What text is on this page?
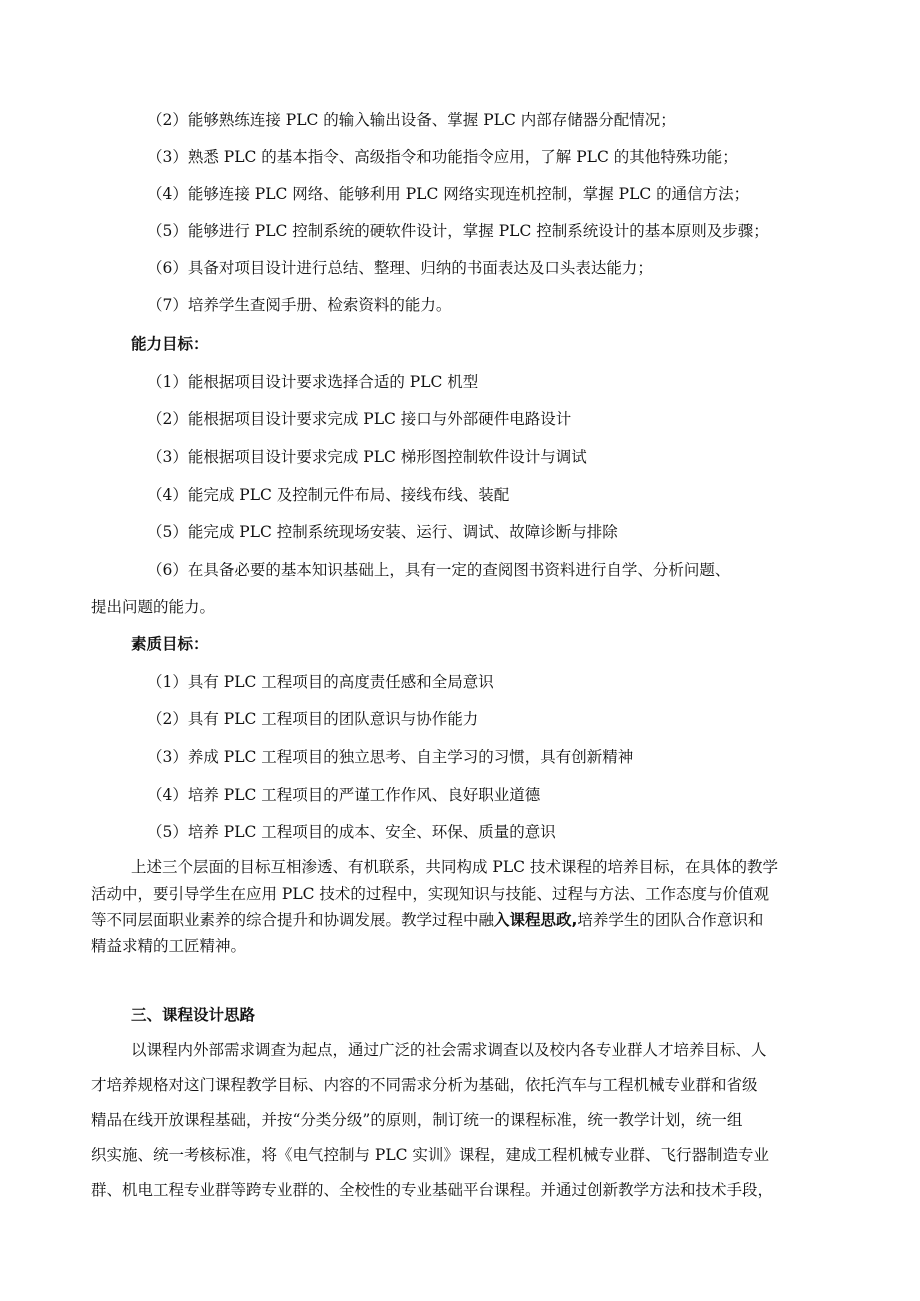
（2）能够熟练连接 PLC 的输入输出设备、掌握 PLC 内部存储器分配情况；

（3）熟悉 PLC 的基本指令、高级指令和功能指令应用，了解 PLC 的其他特殊功能；

（4）能够连接 PLC 网络、能够利用 PLC 网络实现连机控制，掌握 PLC 的通信方法；

（5）能够进行 PLC 控制系统的硬软件设计，掌握 PLC 控制系统设计的基本原则及步骤；

（6）具备对项目设计进行总结、整理、归纳的书面表达及口头表达能力；

（7）培养学生查阅手册、检索资料的能力。

能力目标：

（1）能根据项目设计要求选择合适的 PLC 机型

（2）能根据项目设计要求完成 PLC 接口与外部硬件电路设计

（3）能根据项目设计要求完成 PLC 梯形图控制软件设计与调试

（4）能完成 PLC 及控制元件布局、接线布线、装配

（5）能完成 PLC 控制系统现场安装、运行、调试、故障诊断与排除

（6）在具备必要的基本知识基础上，具有一定的查阅图书资料进行自学、分析问题、

提出问题的能力。

素质目标：

（1）具有 PLC 工程项目的高度责任感和全局意识

（2）具有 PLC 工程项目的团队意识与协作能力

（3）养成 PLC 工程项目的独立思考、自主学习的习惯，具有创新精神

（4）培养 PLC 工程项目的严谨工作作风、良好职业道德

（5）培养 PLC 工程项目的成本、安全、环保、质量的意识

上述三个层面的目标互相渗透、有机联系，共同构成 PLC 技术课程的培养目标，在具体的教学

活动中，要引导学生在应用 PLC 技术的过程中，实现知识与技能、过程与方法、工作态度与价值观

等不同层面职业素养的综合提升和协调发展。教学过程中融入课程思政,培养学生的团队合作意识和

精益求精的工匠精神。

三、课程设计思路

以课程内外部需求调查为起点，通过广泛的社会需求调查以及校内各专业群人才培养目标、人

才培养规格对这门课程教学目标、内容的不同需求分析为基础，依托汽车与工程机械专业群和省级

精品在线开放课程基础，并按“分类分级”的原则，制订统一的课程标准，统一教学计划，统一组

织实施、统一考核标准，将《电气控制与 PLC 实训》课程，建成工程机械专业群、飞行器制造专业

群、机电工程专业群等跨专业群的、全校性的专业基础平台课程。并通过创新教学方法和技术手段，
